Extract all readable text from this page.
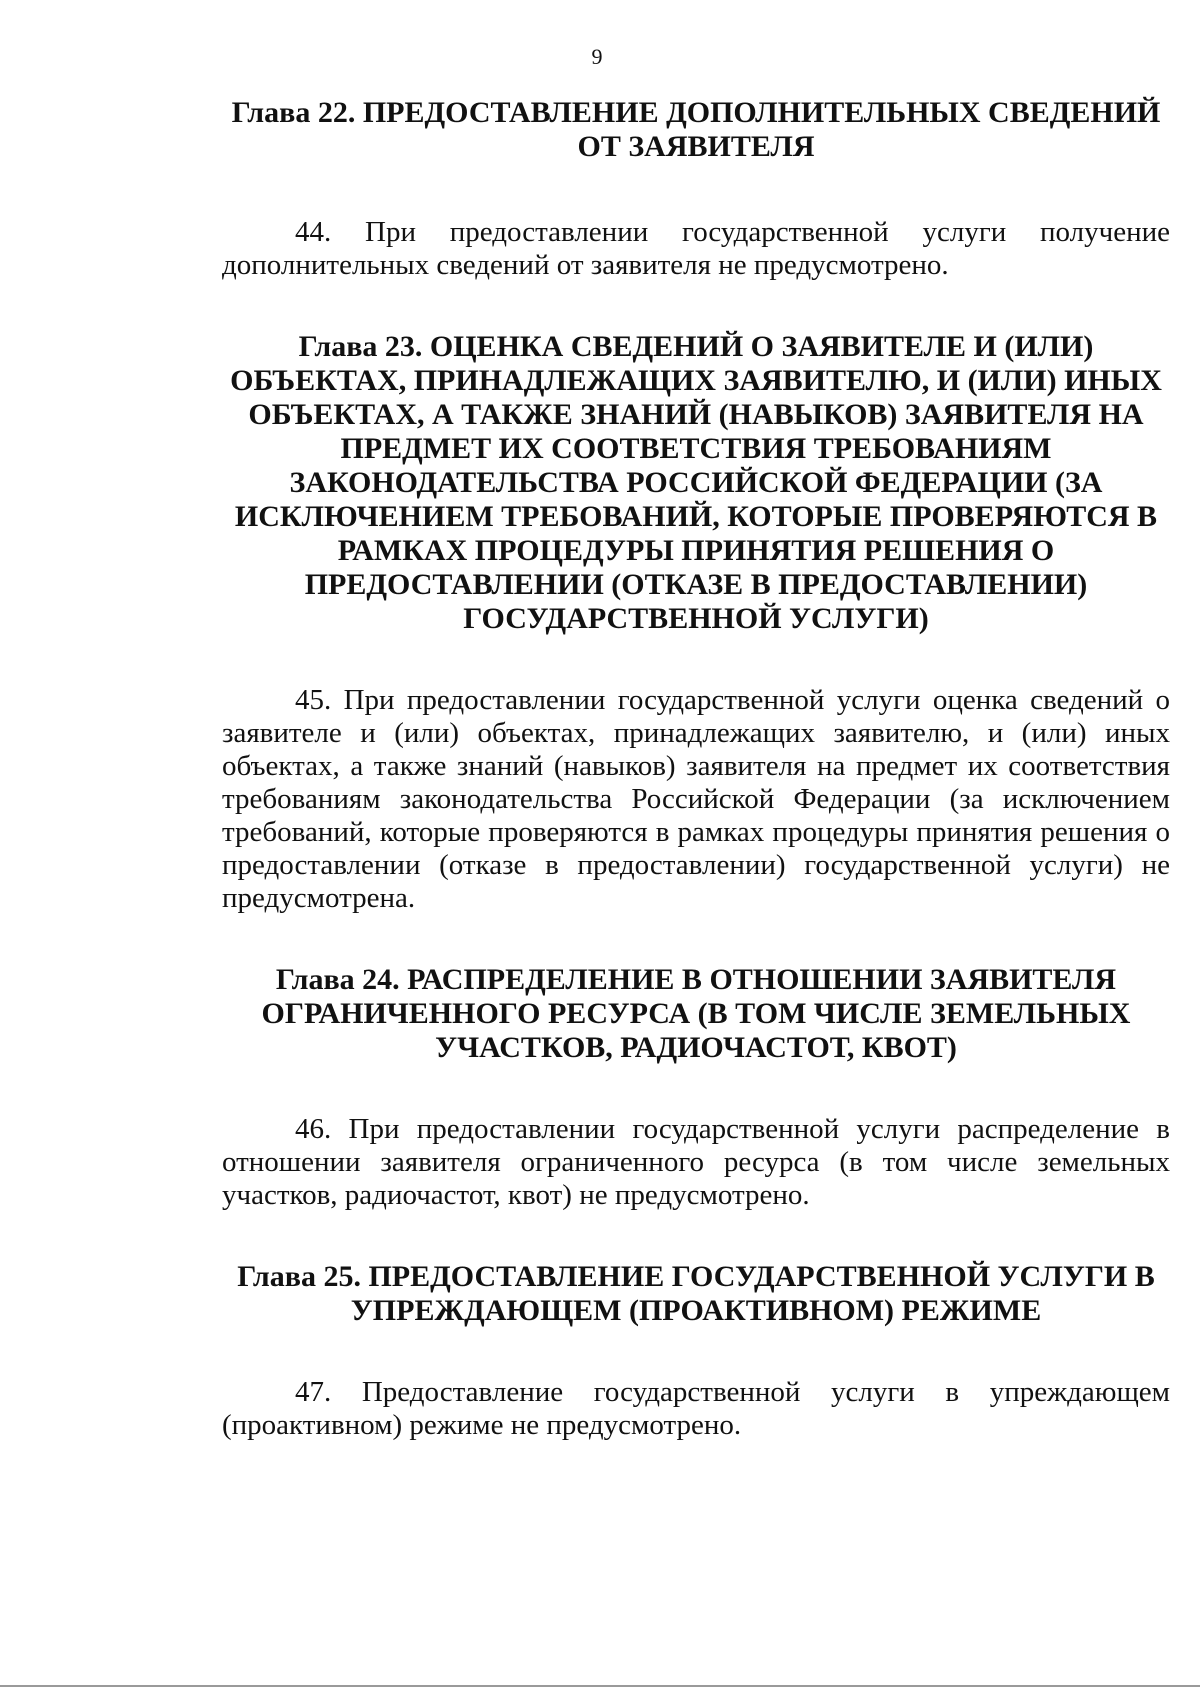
9
Глава 22. ПРЕДОСТАВЛЕНИЕ ДОПОЛНИТЕЛЬНЫХ СВЕДЕНИЙ ОТ ЗАЯВИТЕЛЯ

44. При предоставлении государственной услуги получение дополнительных сведений от заявителя не предусмотрено.

Глава 23. ОЦЕНКА СВЕДЕНИЙ О ЗАЯВИТЕЛЕ И (ИЛИ) ОБЪЕКТАХ, ПРИНАДЛЕЖАЩИХ ЗАЯВИТЕЛЮ, И (ИЛИ) ИНЫХ ОБЪЕКТАХ, А ТАКЖЕ ЗНАНИЙ (НАВЫКОВ) ЗАЯВИТЕЛЯ НА ПРЕДМЕТ ИХ СООТВЕТСТВИЯ ТРЕБОВАНИЯМ ЗАКОНОДАТЕЛЬСТВА РОССИЙСКОЙ ФЕДЕРАЦИИ (ЗА ИСКЛЮЧЕНИЕМ ТРЕБОВАНИЙ, КОТОРЫЕ ПРОВЕРЯЮТСЯ В РАМКАХ ПРОЦЕДУРЫ ПРИНЯТИЯ РЕШЕНИЯ О ПРЕДОСТАВЛЕНИИ (ОТКАЗЕ В ПРЕДОСТАВЛЕНИИ) ГОСУДАРСТВЕННОЙ УСЛУГИ)

45. При предоставлении государственной услуги оценка сведений о заявителе и (или) объектах, принадлежащих заявителю, и (или) иных объектах, а также знаний (навыков) заявителя на предмет их соответствия требованиям законодательства Российской Федерации (за исключением требований, которые проверяются в рамках процедуры принятия решения о предоставлении (отказе в предоставлении) государственной услуги) не предусмотрена.

Глава 24. РАСПРЕДЕЛЕНИЕ В ОТНОШЕНИИ ЗАЯВИТЕЛЯ ОГРАНИЧЕННОГО РЕСУРСА (В ТОМ ЧИСЛЕ ЗЕМЕЛЬНЫХ УЧАСТКОВ, РАДИОЧАСТОТ, КВОТ)

46. При предоставлении государственной услуги распределение в отношении заявителя ограниченного ресурса (в том числе земельных участков, радиочастот, квот) не предусмотрено.

Глава 25. ПРЕДОСТАВЛЕНИЕ ГОСУДАРСТВЕННОЙ УСЛУГИ В УПРЕЖДАЮЩЕМ (ПРОАКТИВНОМ) РЕЖИМЕ

47. Предоставление государственной услуги в упреждающем (проактивном) режиме не предусмотрено.
